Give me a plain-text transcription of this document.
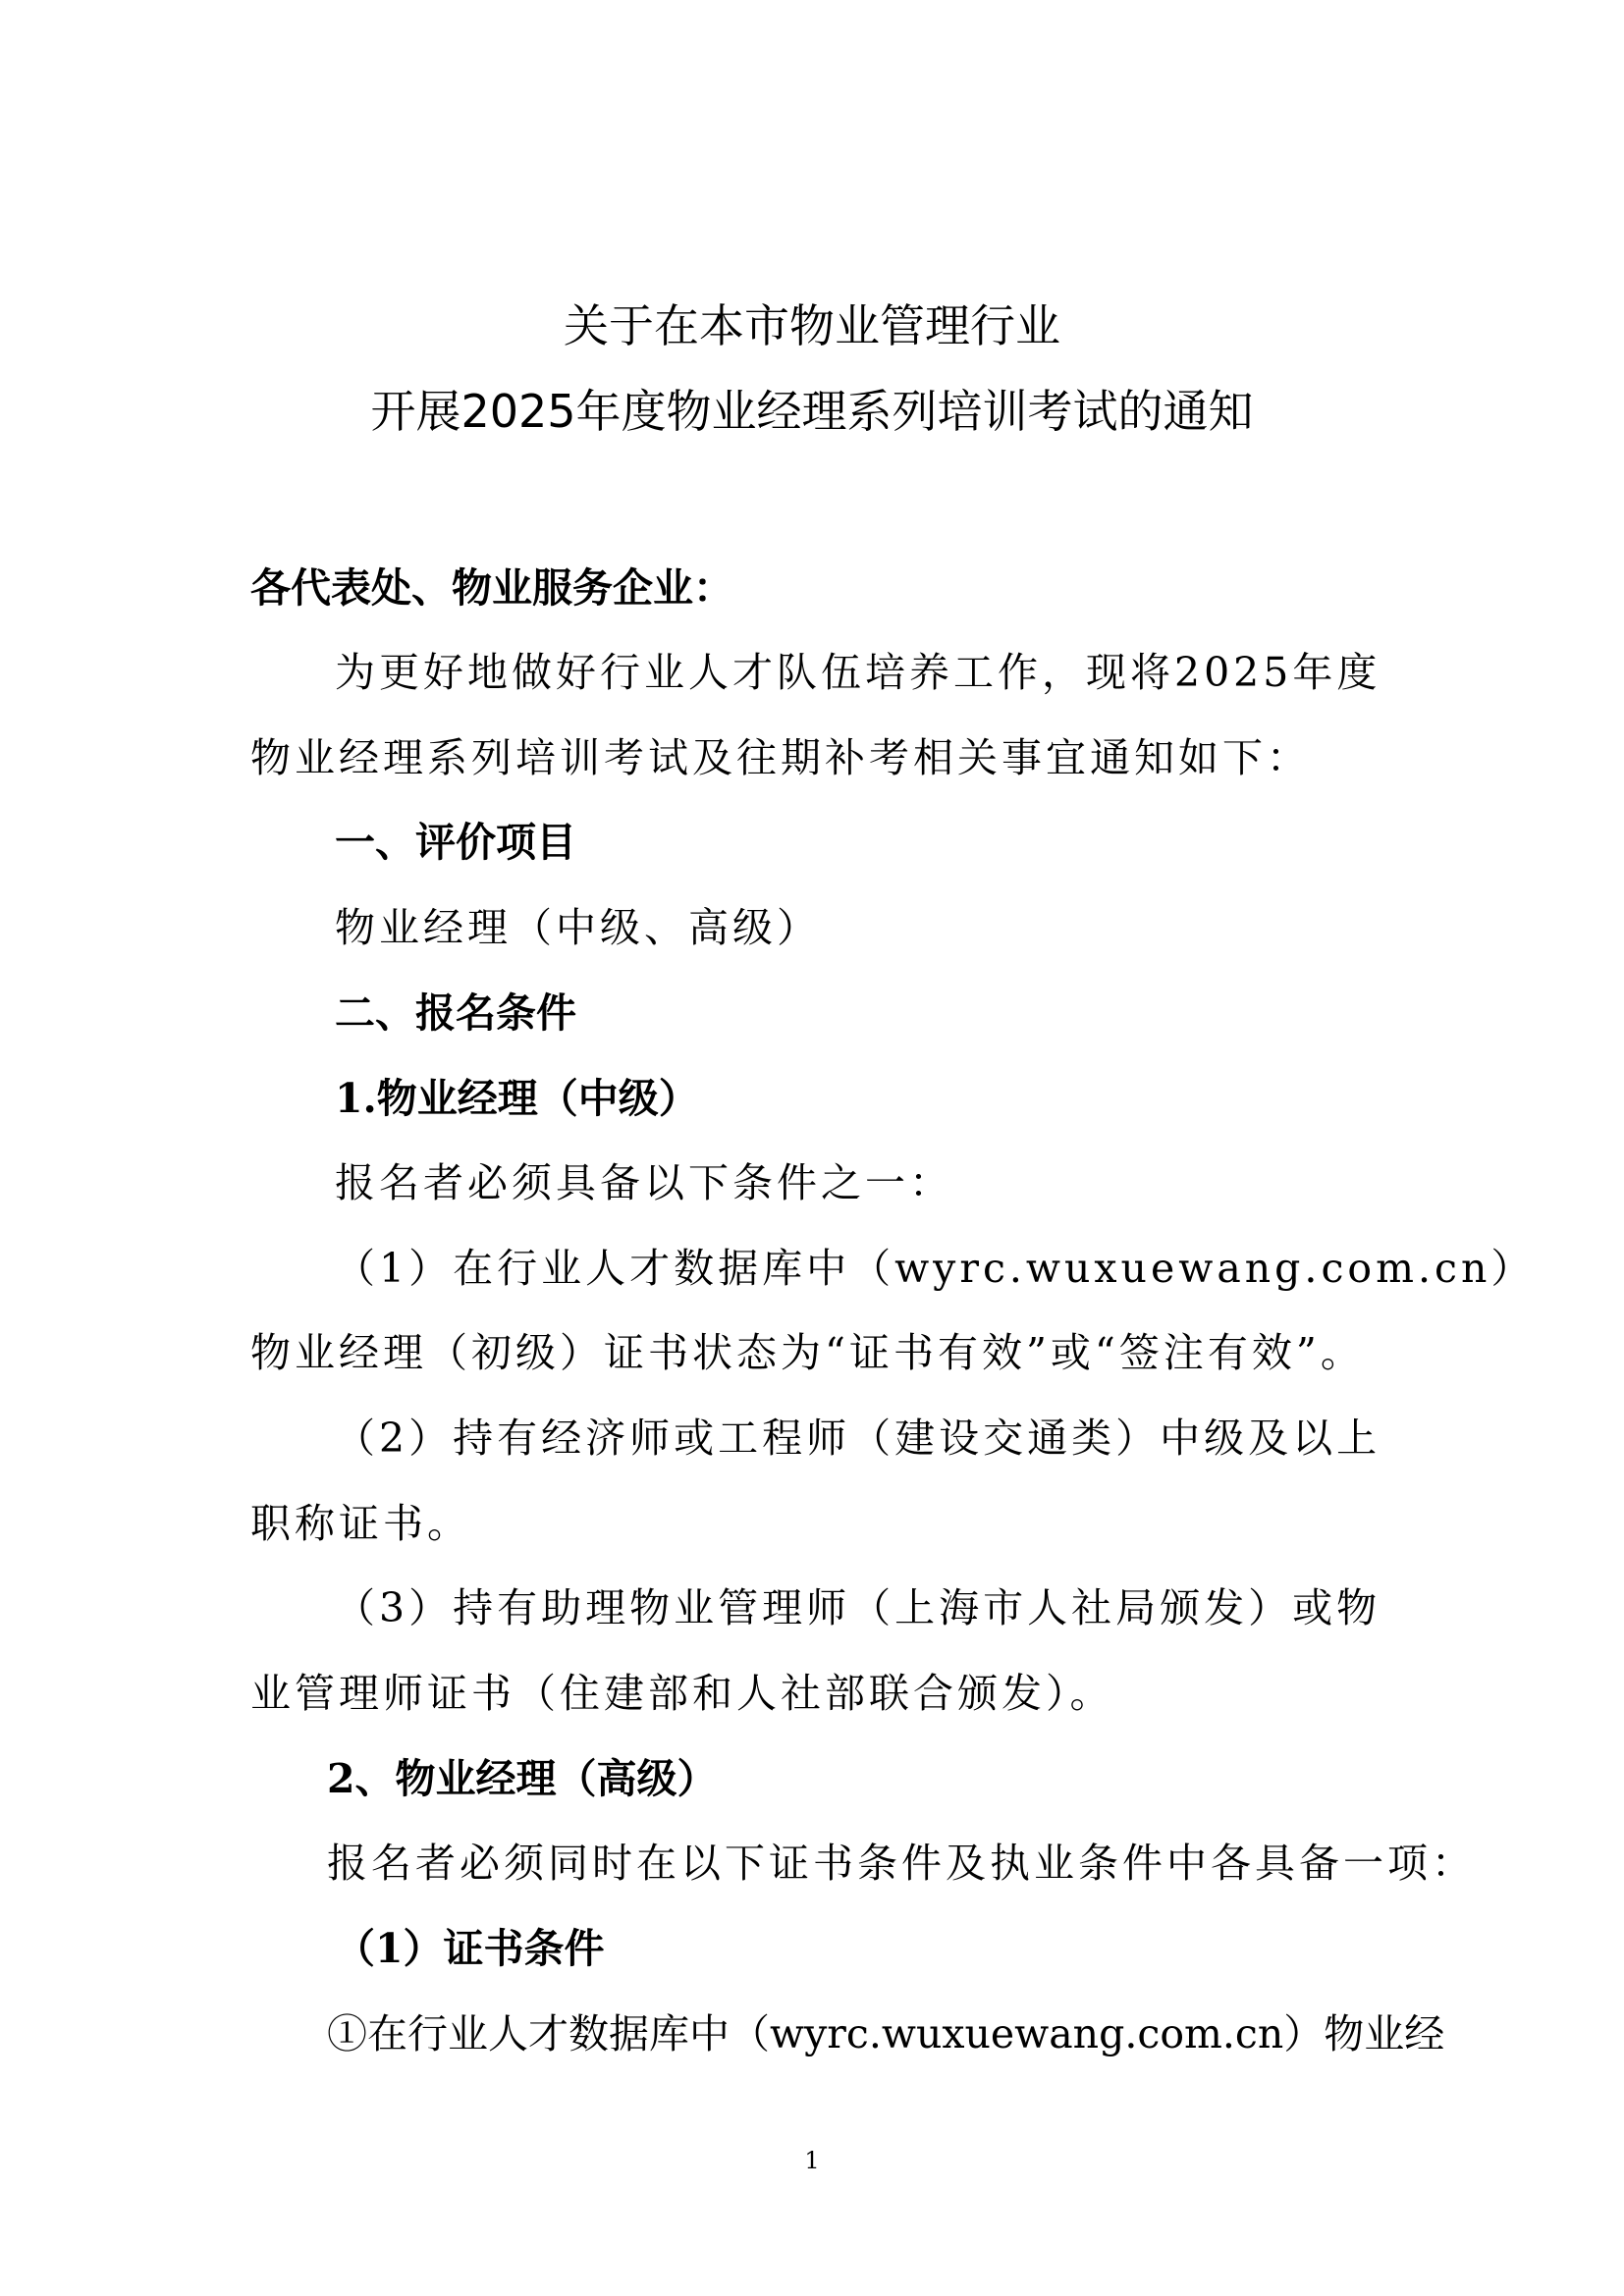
关于在本市物业管理行业
开展2025年度物业经理系列培训考试的通知

各代表处、物业服务企业：

为更好地做好行业人才队伍培养工作，现将2025年度

物业经理系列培训考试及往期补考相关事宜通知如下：

一、评价项目

物业经理（中级、高级）

二、报名条件

1.物业经理（中级）

报名者必须具备以下条件之一：

（1）在行业人才数据库中（wyrc.wuxuewang.com.cn）

物业经理（初级）证书状态为“证书有效”或“签注有效”。

（2）持有经济师或工程师（建设交通类）中级及以上

职称证书。

（3）持有助理物业管理师（上海市人社局颁发）或物

业管理师证书（住建部和人社部联合颁发）。

2、物业经理（高级）

报名者必须同时在以下证书条件及执业条件中各具备一项：

（1）证书条件

①在行业人才数据库中（wyrc.wuxuewang.com.cn）物业经

1
